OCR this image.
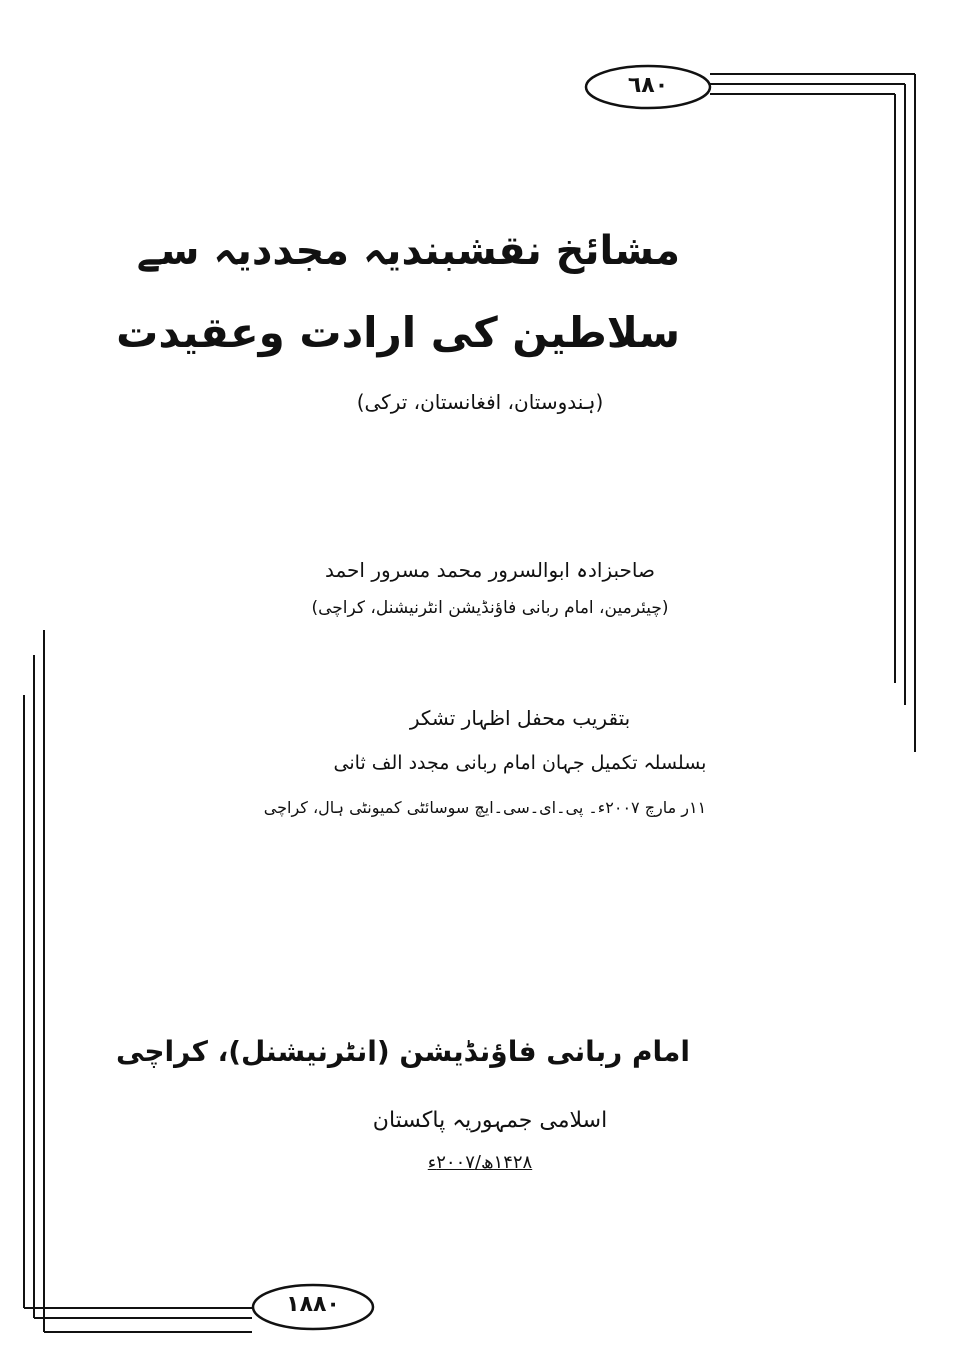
٦٨٠
١٨٨٠
مشائخ نقشبندیہ مجددیہ سے
سلاطین کی ارادت وعقیدت
(ہندوستان، افغانستان، ترکی)
صاحبزادہ ابوالسرور محمد مسرور احمد
(چیئرمین، امام ربانی فاؤنڈیشن انٹرنیشنل، کراچی)
بتقریب محفل اظہار تشکر
بسلسلہ تکمیل جہان امام ربانی مجدد الف ثانی
۱۱ر مارچ ۲۰۰۷ء۔ پی۔ای۔سی۔ایچ سوسائٹی کمیونٹی ہال، کراچی
امام ربانی فاؤنڈیشن (انٹرنیشنل)، کراچی
اسلامی جمہوریہ پاکستان
۱۴۲۸ھ/۲۰۰۷ء
